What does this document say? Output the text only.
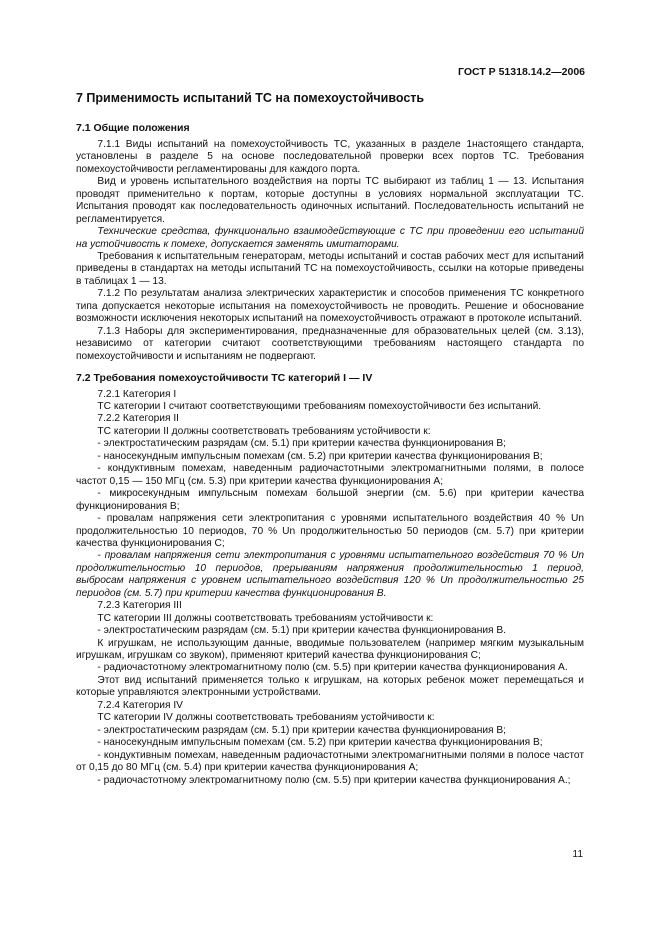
ГОСТ Р 51318.14.2—2006
7 Применимость испытаний ТС на помехоустойчивость
7.1 Общие положения

7.1.1 Виды испытаний на помехоустойчивость ТС, указанных в разделе 1настоящего стандарта, установлены в разделе 5 на основе последовательной проверки всех портов ТС. Требования помехоустойчивости регламентированы для каждого порта.

Вид и уровень испытательного воздействия на порты ТС выбирают из таблиц 1 — 13. Испытания проводят применительно к портам, которые доступны в условиях нормальной эксплуатации ТС. Испытания проводят как последовательность одиночных испытаний. Последовательность испытаний не регламентируется.

Технические средства, функционально взаимодействующие с ТС при проведении его испытаний на устойчивость к помехе, допускается заменять имитаторами.

Требования к испытательным генераторам, методы испытаний и состав рабочих мест для испытаний приведены в стандартах на методы испытаний ТС на помехоустойчивость, ссылки на которые приведены в таблицах 1 — 13.

7.1.2 По результатам анализа электрических характеристик и способов применения ТС конкретного типа допускается некоторые испытания на помехоустойчивость не проводить. Решение и обоснование возможности исключения некоторых испытаний на помехоустойчивость отражают в протоколе испытаний.

7.1.3 Наборы для экспериментирования, предназначенные для образовательных целей (см. 3.13), независимо от категории считают соответствующими требованиям настоящего стандарта по помехоустойчивости и испытаниям не подвергают.

7.2 Требования помехоустойчивости ТС категорий I — IV

7.2.1 Категория I

ТС категории I считают соответствующими требованиям помехоустойчивости без испытаний.

7.2.2 Категория II

ТС категории II должны соответствовать требованиям устойчивости к:

- электростатическим разрядам (см. 5.1) при критерии качества функционирования В;

- наносекундным импульсным помехам (см. 5.2) при критерии качества функционирования В;

- кондуктивным помехам, наведенным радиочастотными электромагнитными полями, в полосе частот 0,15 — 150 МГц (см. 5.3) при критерии качества функционирования А;

- микросекундным импульсным помехам большой энергии (см. 5.6) при критерии качества функционирования В;

- провалам напряжения сети электропитания с уровнями испытательного воздействия 40 % Un продолжительностью 10 периодов, 70 % Un продолжительностью 50 периодов (см. 5.7) при критерии качества функционирования С;

- провалам напряжения сети электропитания с уровнями испытательного воздействия 70 % Un продолжительностью 10 периодов, прерываниям напряжения продолжительностью 1 период, выбросам напряжения с уровнем испытательного воздействия 120 % Un продолжительностью 25 периодов (см. 5.7) при критерии качества функционирования В.

7.2.3 Категория III

ТС категории III должны соответствовать требованиям устойчивости к:

- электростатическим разрядам (см. 5.1) при критерии качества функционирования В.

К игрушкам, не использующим данные, вводимые пользователем (например мягким музыкальным игрушкам, игрушкам со звуком), применяют критерий качества функционирования С;

- радиочастотному электромагнитному полю (см. 5.5) при критерии качества функционирования А.

Этот вид испытаний применяется только к игрушкам, на которых ребенок может перемещаться и которые управляются электронными устройствами.

7.2.4 Категория IV

ТС категории IV должны соответствовать требованиям устойчивости к:

- электростатическим разрядам (см. 5.1) при критерии качества функционирования В;

- наносекундным импульсным помехам (см. 5.2) при критерии качества функционирования В;

- кондуктивным помехам, наведенным радиочастотными электромагнитными полями в полосе частот от 0,15 до 80 МГц (см. 5.4) при критерии качества функционирования А;

- радиочастотному электромагнитному полю (см. 5.5) при критерии качества функционирования А.;

11
